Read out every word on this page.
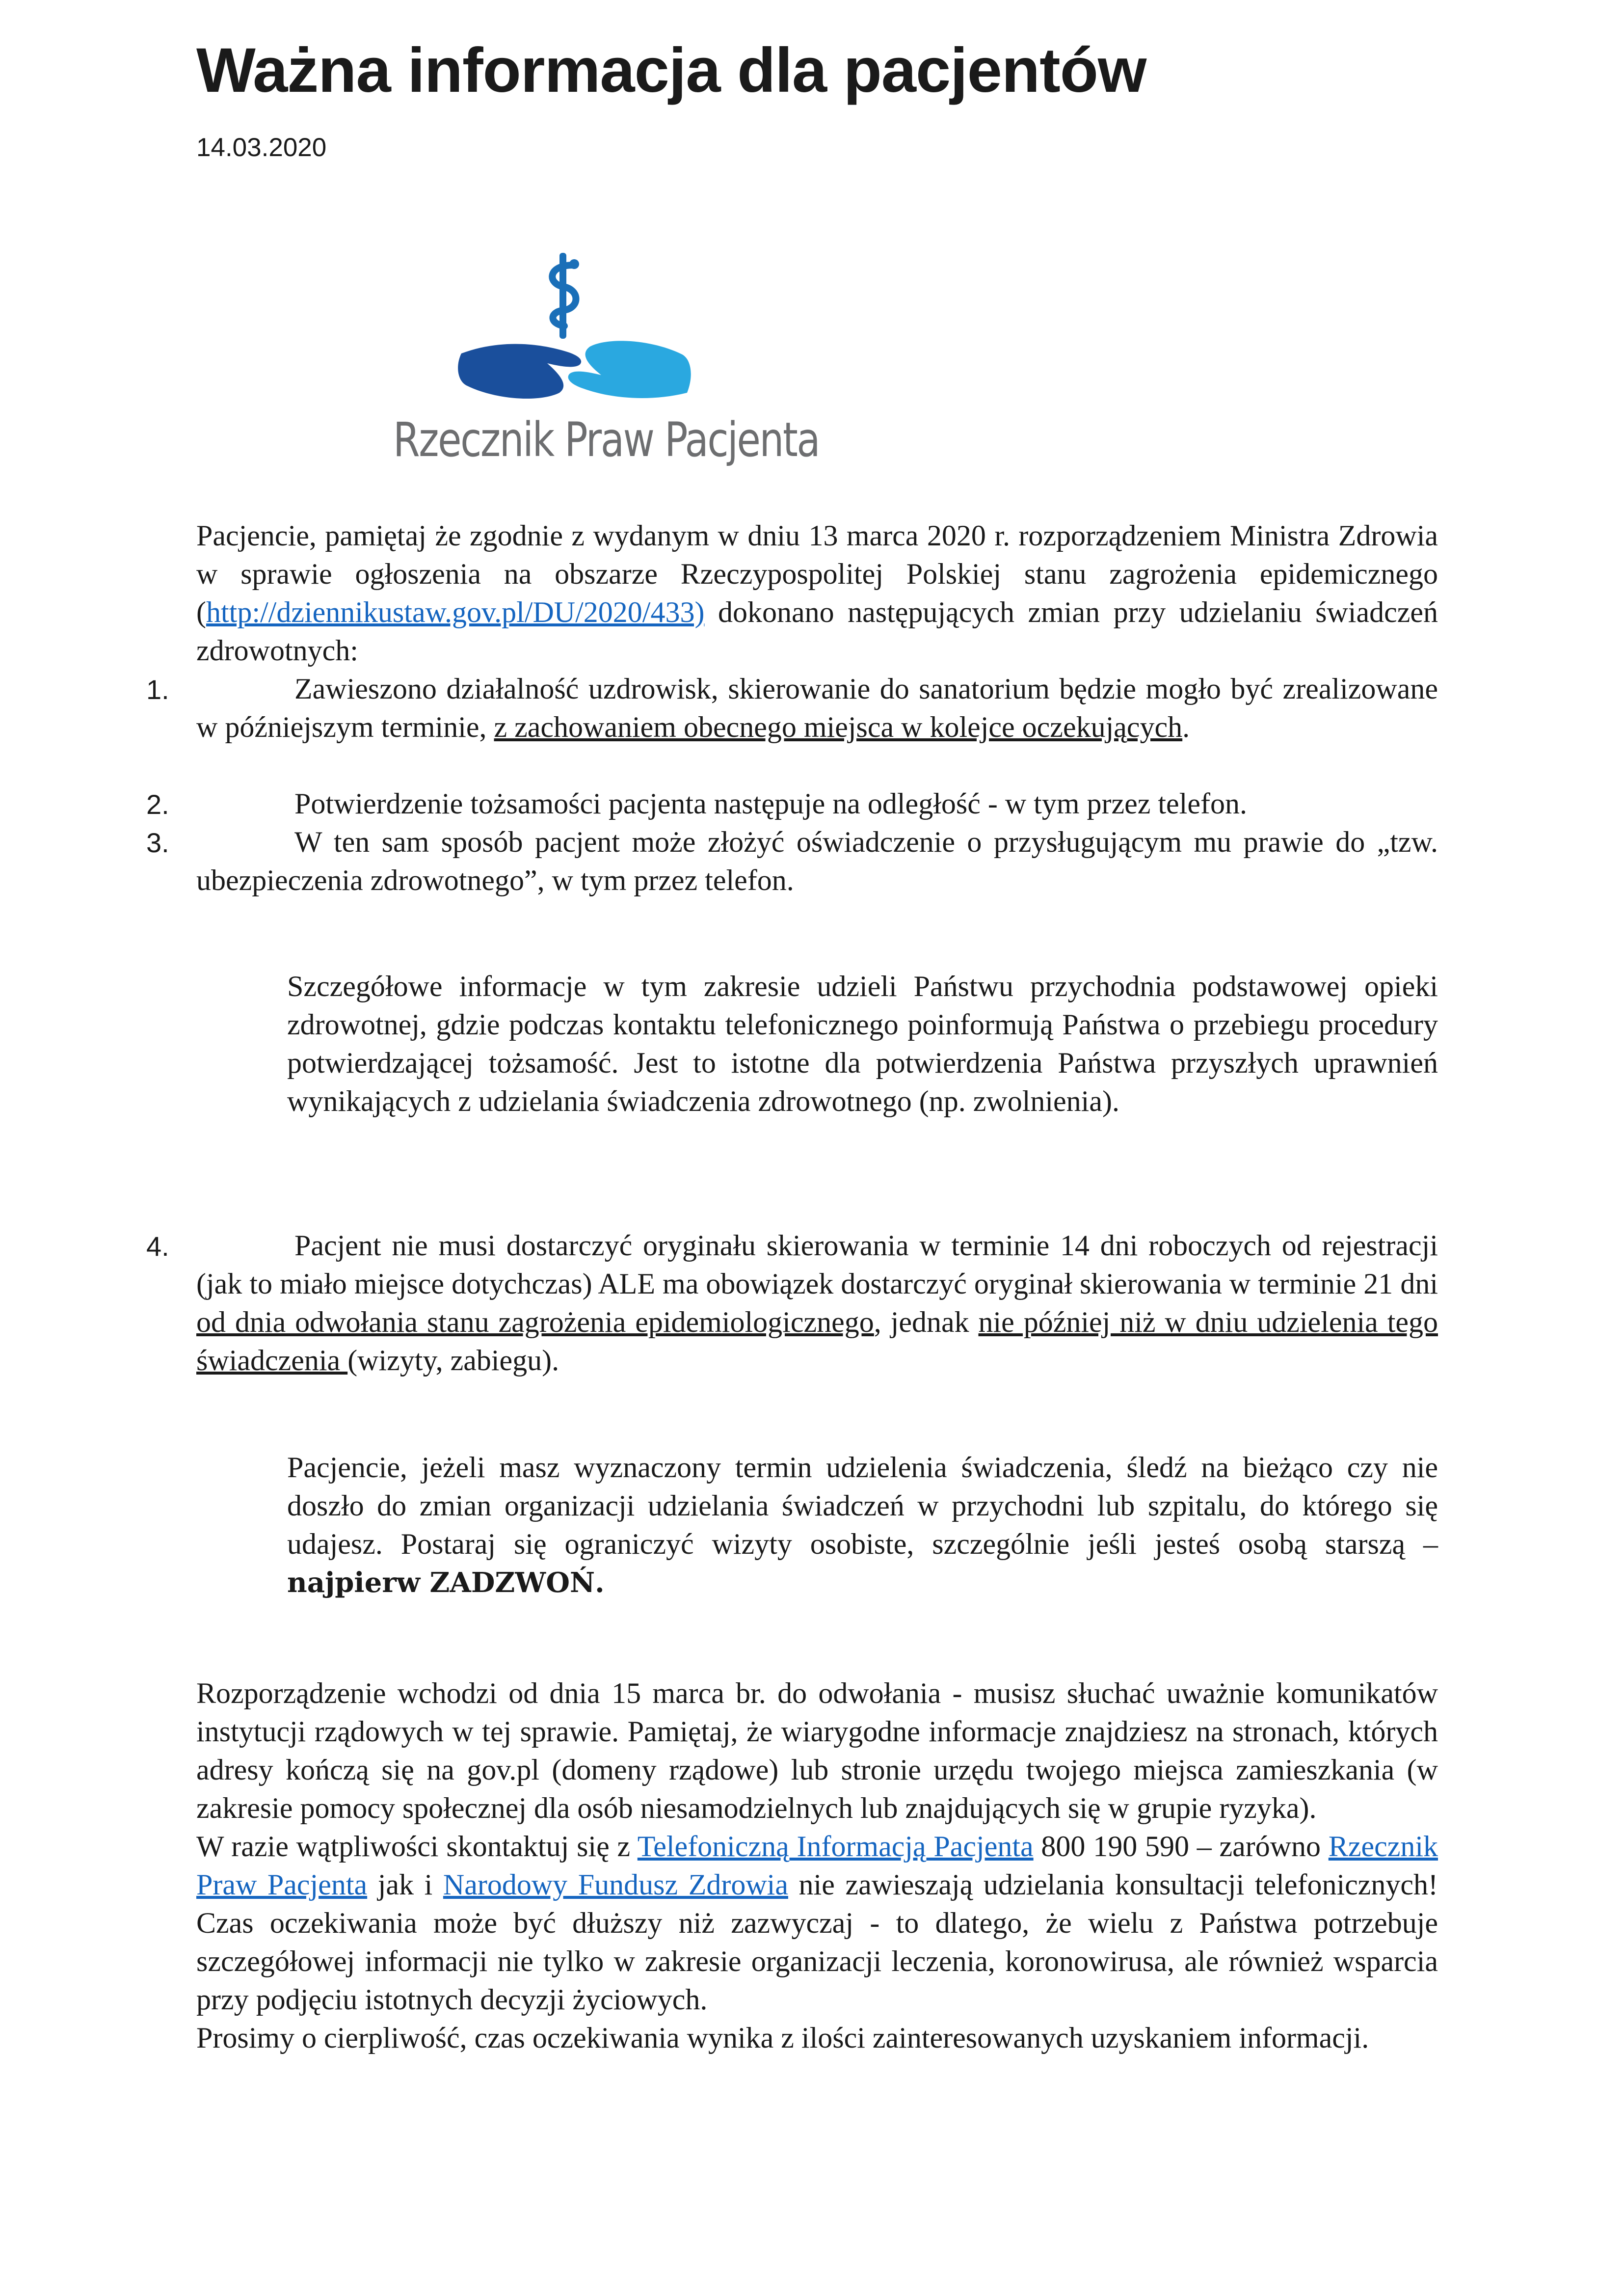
Ważna informacja dla pacjentów
14.03.2020
Rzecznik Praw Pacjenta
Pacjencie, pamiętaj że zgodnie z wydanym w dniu 13 marca 2020 r. rozporządzeniem Ministra Zdrowia w sprawie ogłoszenia na obszarze Rzeczypospolitej Polskiej stanu zagrożenia epidemicznego (http://dziennikustaw.gov.pl/DU/2020/433) dokonano następujących zmian przy udzielaniu świadczeń zdrowotnych:
1.	Zawieszono działalność uzdrowisk, skierowanie do sanatorium będzie mogło być zrealizowane w późniejszym terminie, z zachowaniem obecnego miejsca w kolejce oczekujących.
2.	Potwierdzenie tożsamości pacjenta następuje na odległość - w tym przez telefon.
3.	W ten sam sposób pacjent może złożyć oświadczenie o przysługującym mu prawie do „tzw. ubezpieczenia zdrowotnego”, w tym przez telefon.
Szczegółowe informacje w tym zakresie udzieli Państwu przychodnia podstawowej opieki zdrowotnej, gdzie podczas kontaktu telefonicznego poinformują Państwa o przebiegu procedury potwierdzającej tożsamość. Jest to istotne dla potwierdzenia Państwa przyszłych uprawnień wynikających z udzielania świadczenia zdrowotnego (np. zwolnienia).
4.	Pacjent nie musi dostarczyć oryginału skierowania w terminie 14 dni roboczych od rejestracji (jak to miało miejsce dotychczas) ALE ma obowiązek dostarczyć oryginał skierowania w terminie 21 dni od dnia odwołania stanu zagrożenia epidemiologicznego, jednak nie później niż w dniu udzielenia tego świadczenia (wizyty, zabiegu).
Pacjencie, jeżeli masz wyznaczony termin udzielenia świadczenia, śledź na bieżąco czy nie doszło do zmian organizacji udzielania świadczeń w przychodni lub szpitalu, do którego się udajesz. Postaraj się ograniczyć wizyty osobiste, szczególnie jeśli jesteś osobą starszą – najpierw ZADZWOŃ.

Rozporządzenie wchodzi od dnia 15 marca br. do odwołania - musisz słuchać uważnie komunikatów instytucji rządowych w tej sprawie. Pamiętaj, że wiarygodne informacje znajdziesz na stronach, których adresy kończą się na gov.pl (domeny rządowe) lub stronie urzędu twojego miejsca zamieszkania (w zakresie pomocy społecznej dla osób niesamodzielnych lub znajdujących się w grupie ryzyka).

W razie wątpliwości skontaktuj się z Telefoniczną Informacją Pacjenta 800 190 590 – zarówno Rzecznik Praw Pacjenta jak i Narodowy Fundusz Zdrowia nie zawieszają udzielania konsultacji telefonicznych! Czas oczekiwania może być dłuższy niż zazwyczaj - to dlatego, że wielu z Państwa potrzebuje szczegółowej informacji nie tylko w zakresie organizacji leczenia, koronowirusa, ale również wsparcia przy podjęciu istotnych decyzji życiowych.

Prosimy o cierpliwość, czas oczekiwania wynika z ilości zainteresowanych uzyskaniem informacji.
